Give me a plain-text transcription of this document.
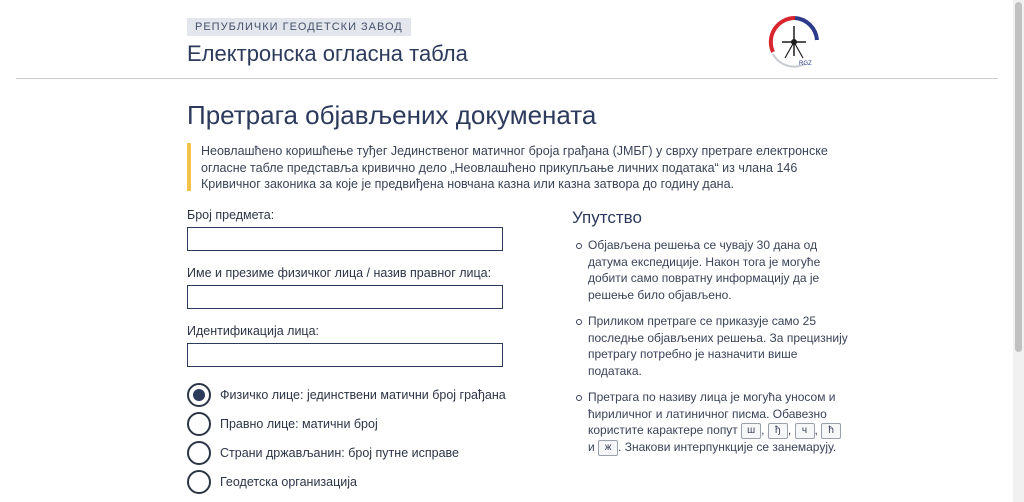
РЕПУБЛИЧКИ ГЕОДЕТСКИ ЗАВОД
Електронска огласна табла	RGZ
Претрага објављених докумената
Неовлашћено коришћење туђег Јединственог матичног броја грађана (ЈМБГ) у сврху претраге електронске огласне табле представља кривично дело „Неовлашћено прикупљање личних података“ из члана 146 Кривичног законика за које је предвиђена новчана казна или казна затвора до годину дана.
Број предмета:
Име и презиме физичког лица / назив правног лица:
Идентификација лица:
Физичко лице: јединствени матични број грађана
Правно лице: матични број
Страни држављанин: број путне исправе
Геодетска организација
Упутство
Објављена решења се чувају 30 дана од датума експедиције. Након тога је могуће добити само повратну информацију да је решење било објављено.
Приликом претраге се приказује само 25 последње објављених решења. За прецизнију претрагу потребно је назначити више података.
Претрага по називу лица је могућа уносом и ћириличног и латиничног писма. Обавезно користите карактере попут ш , ђ , ч , ћ и ж . Знакови интерпункције се занемарују.
